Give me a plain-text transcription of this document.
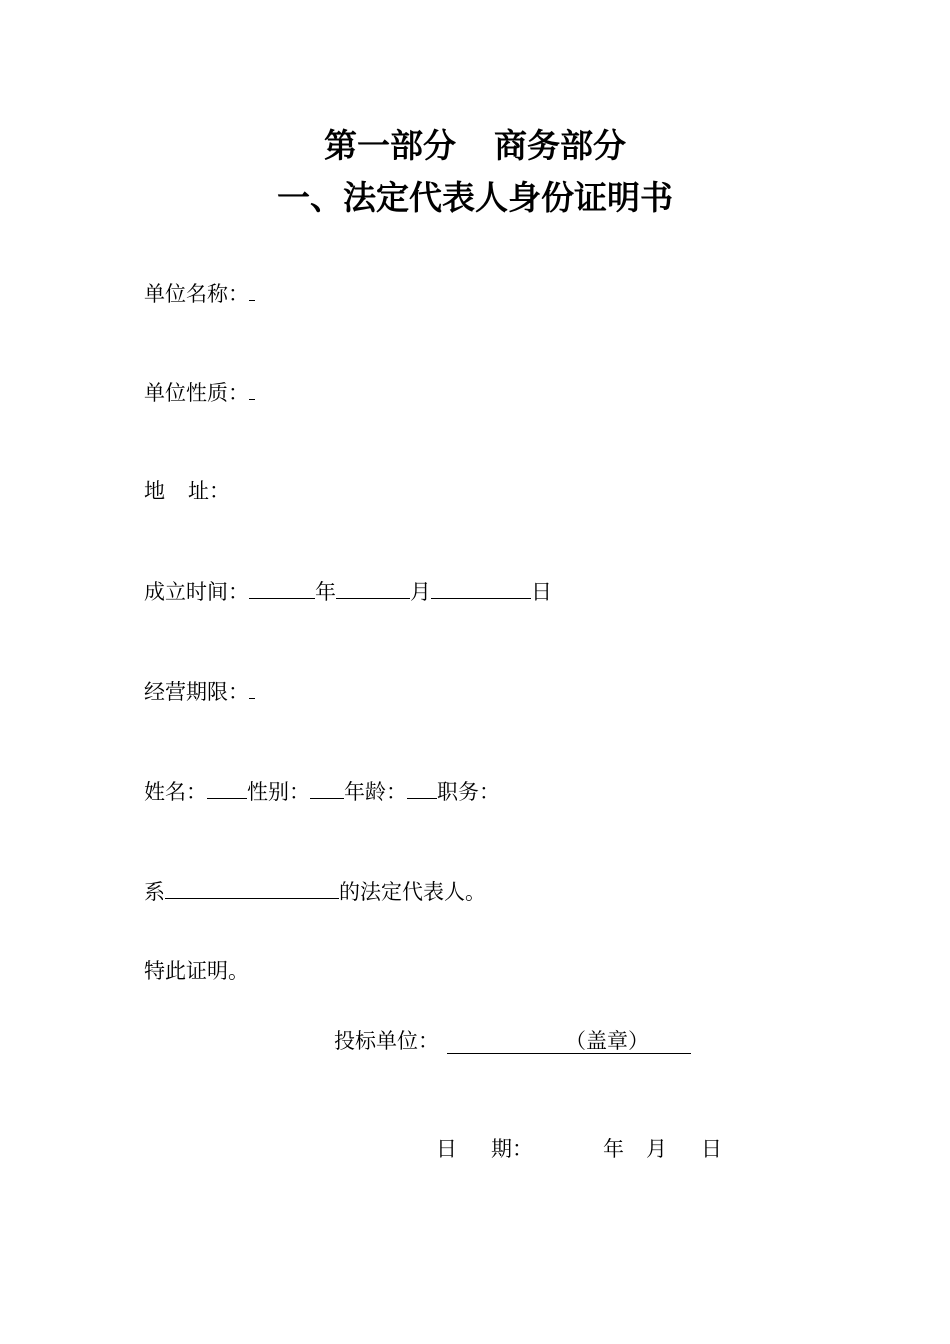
第一部分 商务部分
一、法定代表人身份证明书
单位名称：
单位性质：
地 址：
成立时间：	年	月	日
经营期限：
姓名： 性别： 年龄： 职务：
系	的法定代表人。
特此证明。
投标单位：	（盖章）
日 期：	年 月 日
